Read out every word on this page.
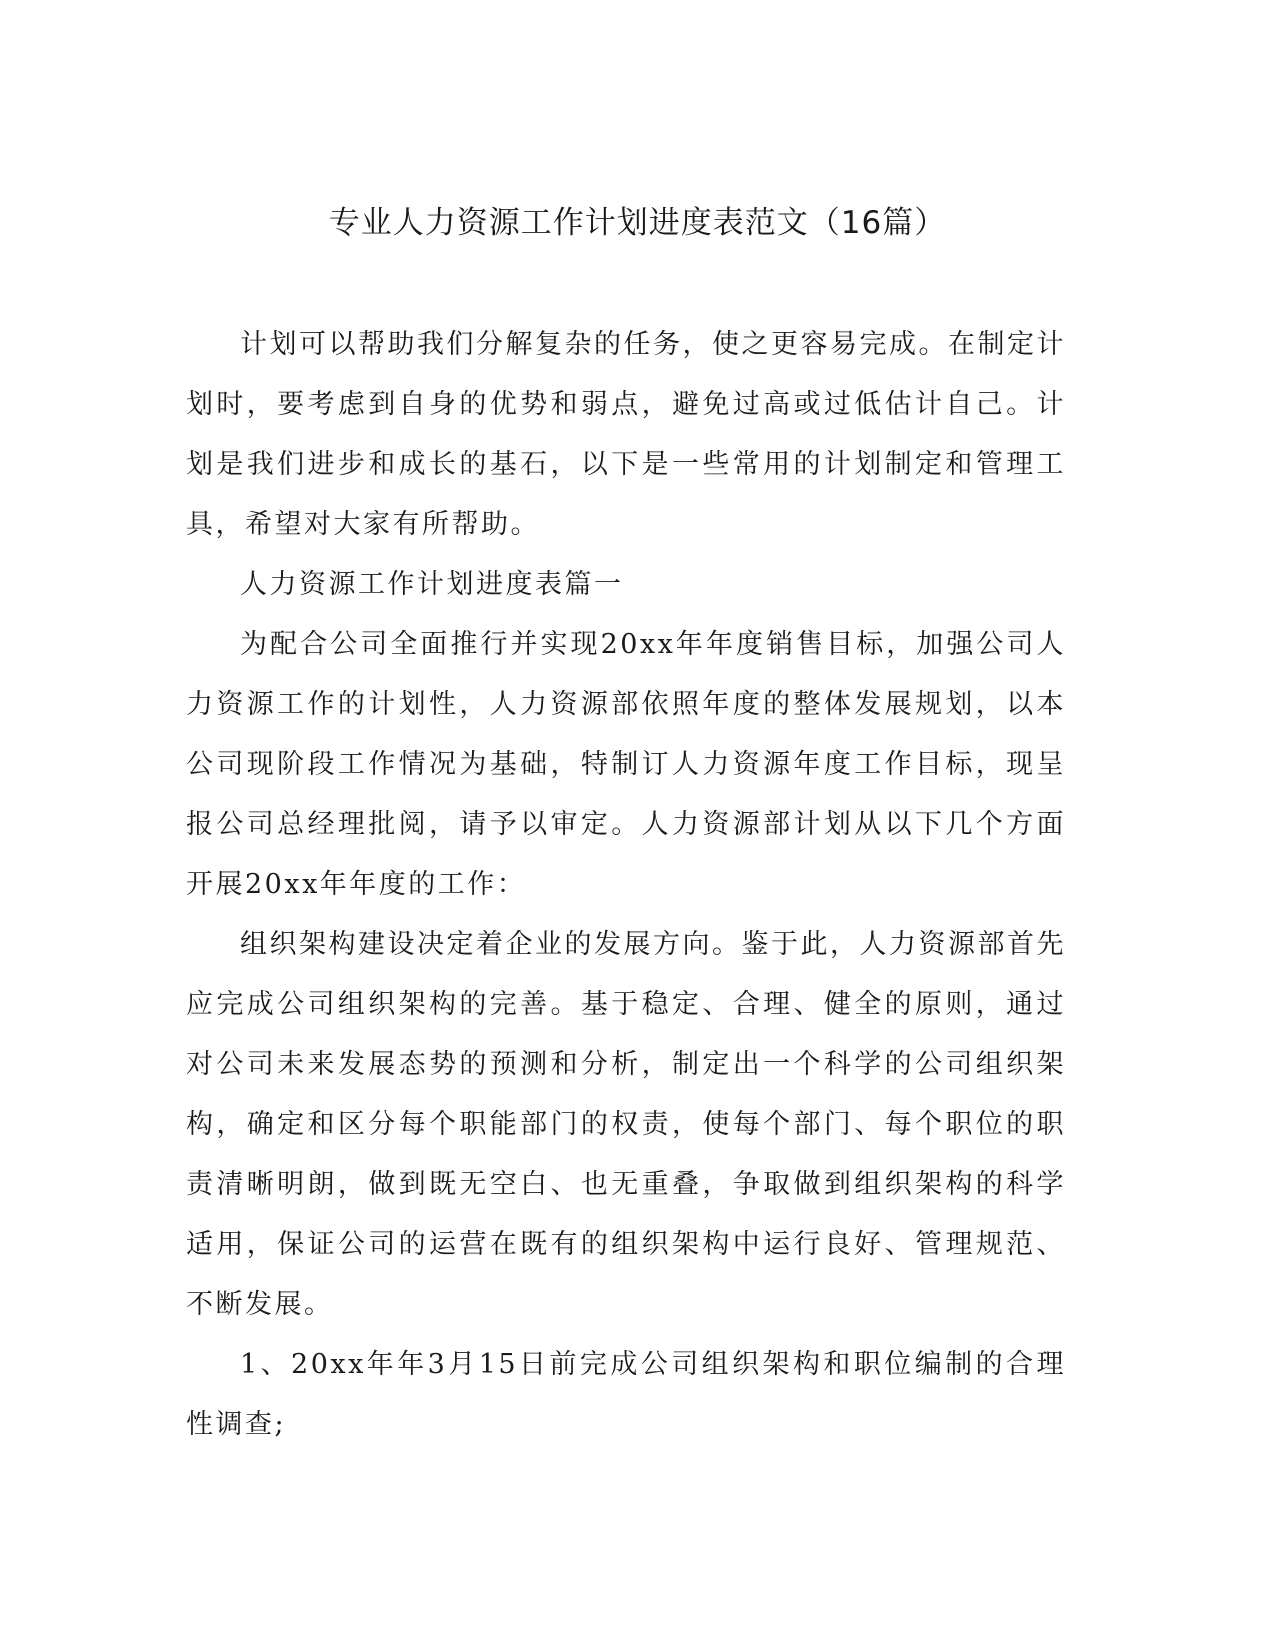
专业人力资源工作计划进度表范文（16篇）

计划可以帮助我们分解复杂的任务，使之更容易完成。在制定计划时，要考虑到自身的优势和弱点，避免过高或过低估计自己。计划是我们进步和成长的基石，以下是一些常用的计划制定和管理工具，希望对大家有所帮助。

人力资源工作计划进度表篇一

为配合公司全面推行并实现20xx年年度销售目标，加强公司人力资源工作的计划性，人力资源部依照年度的整体发展规划，以本公司现阶段工作情况为基础，特制订人力资源年度工作目标，现呈报公司总经理批阅，请予以审定。人力资源部计划从以下几个方面开展20xx年年度的工作：

组织架构建设决定着企业的发展方向。鉴于此，人力资源部首先应完成公司组织架构的完善。基于稳定、合理、健全的原则，通过对公司未来发展态势的预测和分析，制定出一个科学的公司组织架构，确定和区分每个职能部门的权责，使每个部门、每个职位的职责清晰明朗，做到既无空白、也无重叠，争取做到组织架构的科学适用，保证公司的运营在既有的组织架构中运行良好、管理规范、不断发展。

1、20xx年年3月15日前完成公司组织架构和职位编制的合理性调查;
